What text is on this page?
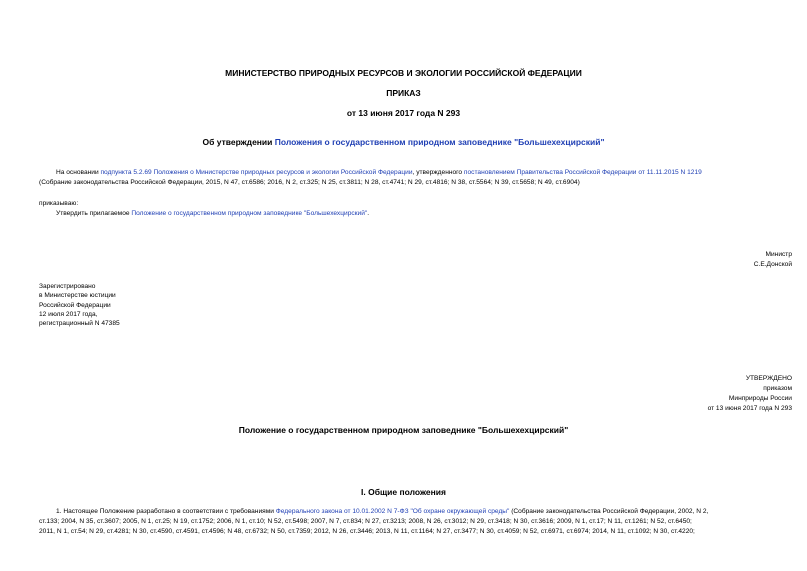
МИНИСТЕРСТВО ПРИРОДНЫХ РЕСУРСОВ И ЭКОЛОГИИ РОССИЙСКОЙ ФЕДЕРАЦИИ
ПРИКАЗ
от 13 июня 2017 года N 293
Об утверждении Положения о государственном природном заповеднике "Большехехцирский"
На основании подпункта 5.2.69 Положения о Министерстве природных ресурсов и экологии Российской Федерации, утвержденного постановлением Правительства Российской Федерации от 11.11.2015 N 1219
(Собрание законодательства Российской Федерации, 2015, N 47, ст.6586; 2016, N 2, ст.325; N 25, ст.3811; N 28, ст.4741; N 29, ст.4816; N 38, ст.5564; N 39, ст.5658; N 49, ст.6904)
приказываю:
Утвердить прилагаемое Положение о государственном природном заповеднике "Большехехцирский".
Министр
С.Е.Донской
Зарегистрировано
в Министерстве юстиции
Российской Федерации
12 июля 2017 года,
регистрационный N 47385
УТВЕРЖДЕНО
приказом
Минприроды России
от 13 июня 2017 года N 293
Положение о государственном природном заповеднике "Большехехцирский"
I. Общие положения
1. Настоящее Положение разработано в соответствии с требованиями Федерального закона от 10.01.2002 N 7-ФЗ "Об охране окружающей среды" (Собрание законодательства Российской Федерации, 2002, N 2,
ст.133; 2004, N 35, ст.3607; 2005, N 1, ст.25; N 19, ст.1752; 2006, N 1, ст.10; N 52, ст.5498; 2007, N 7, ст.834; N 27, ст.3213; 2008, N 26, ст.3012; N 29, ст.3418; N 30, ст.3616; 2009, N 1, ст.17; N 11, ст.1261; N 52, ст.6450;
2011, N 1, ст.54; N 29, ст.4281; N 30, ст.4590, ст.4591, ст.4596; N 48, ст.6732; N 50, ст.7359; 2012, N 26, ст.3446; 2013, N 11, ст.1164; N 27, ст.3477; N 30, ст.4059; N 52, ст.6971, ст.6974; 2014, N 11, ст.1092; N 30, ст.4220;
